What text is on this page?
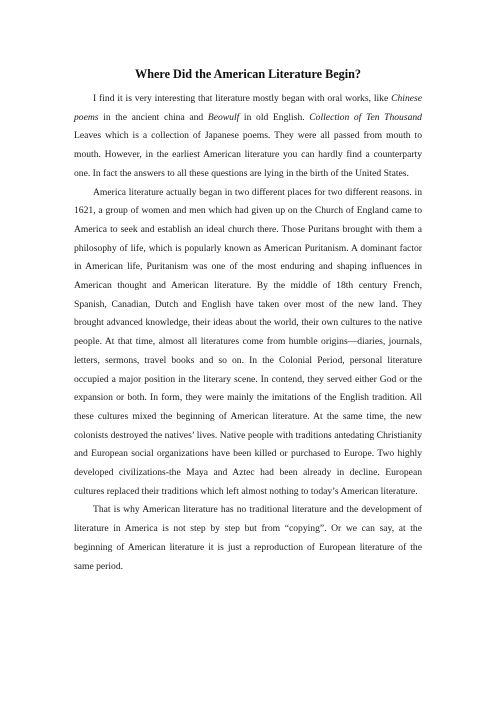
Where Did the American Literature Begin?

I find it is very interesting that literature mostly began with oral works, like Chinese poems in the ancient china and Beowulf in old English. Collection of Ten Thousand Leaves which is a collection of Japanese poems. They were all passed from mouth to mouth. However, in the earliest American literature you can hardly find a counterparty one. In fact the answers to all these questions are lying in the birth of the United States.

America literature actually began in two different places for two different reasons. in 1621, a group of women and men which had given up on the Church of England came to America to seek and establish an ideal church there. Those Puritans brought with them a philosophy of life, which is popularly known as American Puritanism. A dominant factor in American life, Puritanism was one of the most enduring and shaping influences in American thought and American literature. By the middle of 18th century French, Spanish, Canadian, Dutch and English have taken over most of the new land. They brought advanced knowledge, their ideas about the world, their own cultures to the native people. At that time, almost all literatures come from humble origins—diaries, journals, letters, sermons, travel books and so on. In the Colonial Period, personal literature occupied a major position in the literary scene. In contend, they served either God or the expansion or both. In form, they were mainly the imitations of the English tradition. All these cultures mixed the beginning of American literature. At the same time, the new colonists destroyed the natives’ lives. Native people with traditions antedating Christianity and European social organizations have been killed or purchased to Europe. Two highly developed civilizations-the Maya and Aztec had been already in decline. European cultures replaced their traditions which left almost nothing to today’s American literature.

That is why American literature has no traditional literature and the development of literature in America is not step by step but from “copying”. Or we can say, at the beginning of American literature it is just a reproduction of European literature of the same period.
